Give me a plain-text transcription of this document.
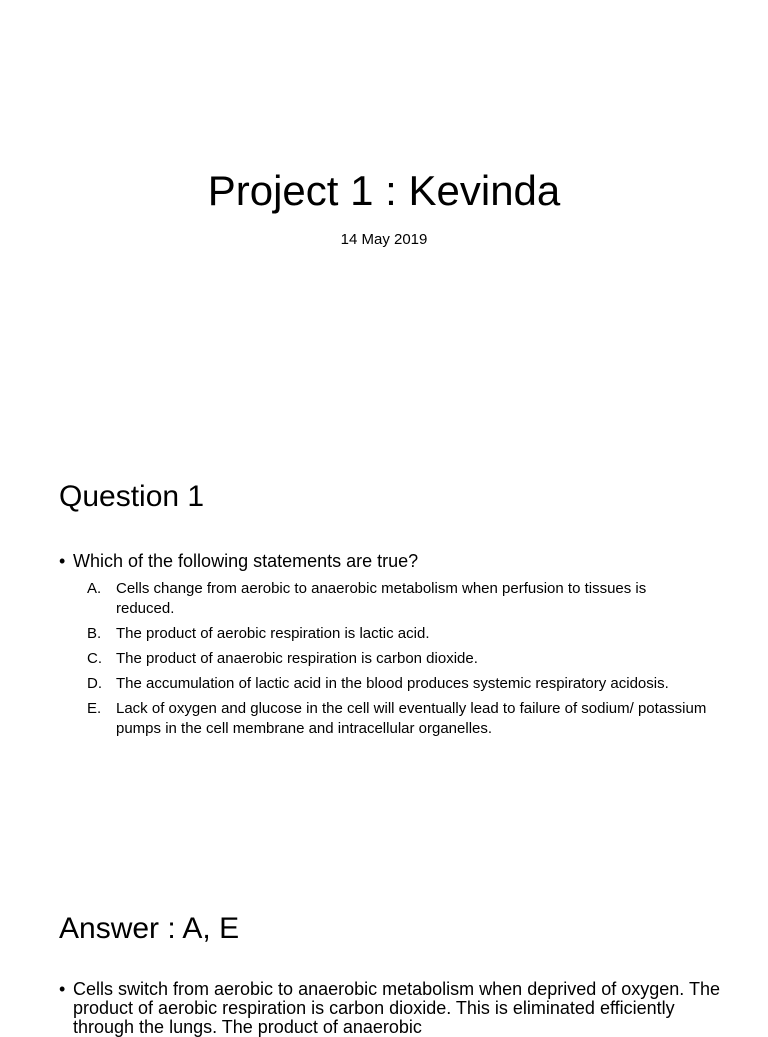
Project 1 : Kevinda
14 May 2019
Question 1
• Which of the following statements are true?
A. Cells change from aerobic to anaerobic metabolism when perfusion to tissues is reduced.
B. The product of aerobic respiration is lactic acid.
C. The product of anaerobic respiration is carbon dioxide.
D. The accumulation of lactic acid in the blood produces systemic respiratory acidosis.
E. Lack of oxygen and glucose in the cell will eventually lead to failure of sodium/ potassium pumps in the cell membrane and intracellular organelles.
Answer : A, E
• Cells switch from aerobic to anaerobic metabolism when deprived of oxygen. The product of aerobic respiration is carbon dioxide. This is eliminated efficiently through the lungs. The product of anaerobic
